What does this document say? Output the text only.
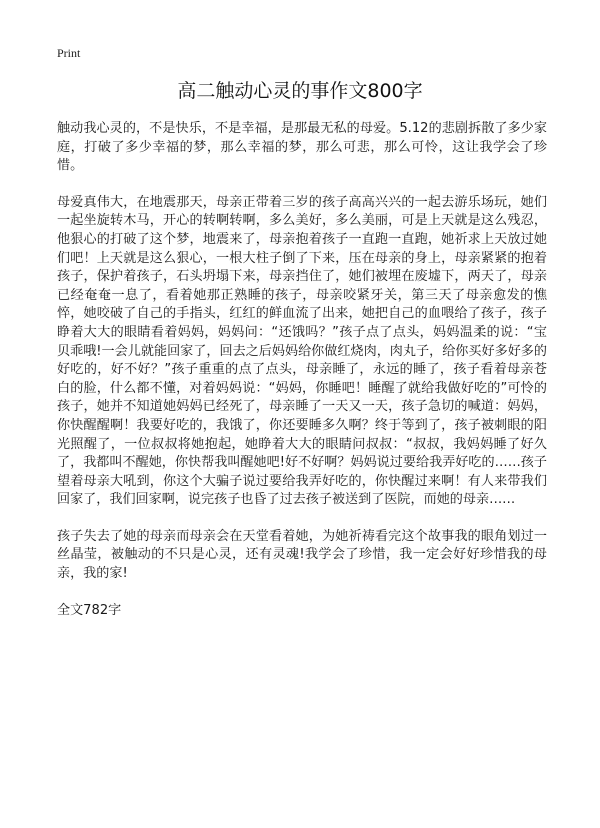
Print
高二触动心灵的事作文800字

触动我心灵的，不是快乐，不是幸福，是那最无私的母爱。5.12的悲剧拆散了多少家庭，打破了多少幸福的梦，那么幸福的梦，那么可悲，那么可怜，这让我学会了珍惜。

母爱真伟大，在地震那天，母亲正带着三岁的孩子高高兴兴的一起去游乐场玩，她们一起坐旋转木马，开心的转啊转啊，多么美好，多么美丽，可是上天就是这么残忍，他狠心的打破了这个梦，地震来了，母亲抱着孩子一直跑一直跑，她祈求上天放过她们吧！上天就是这么狠心，一根大柱子倒了下来，压在母亲的身上，母亲紧紧的抱着孩子，保护着孩子，石头坍塌下来，母亲挡住了，她们被埋在废墟下，两天了，母亲已经奄奄一息了，看着她那正熟睡的孩子，母亲咬紧牙关，第三天了母亲愈发的憔悴，她咬破了自己的手指头，红红的鲜血流了出来，她把自己的血喂给了孩子，孩子睁着大大的眼睛看着妈妈，妈妈问：“还饿吗？”孩子点了点头，妈妈温柔的说：“宝贝乖哦!一会儿就能回家了，回去之后妈妈给你做红烧肉，肉丸子，给你买好多好多的好吃的，好不好？”孩子重重的点了点头，母亲睡了，永远的睡了，孩子看着母亲苍白的脸，什么都不懂，对着妈妈说：“妈妈，你睡吧！睡醒了就给我做好吃的”可怜的孩子，她并不知道她妈妈已经死了，母亲睡了一天又一天，孩子急切的喊道：妈妈，你快醒醒啊！我要好吃的，我饿了，你还要睡多久啊？终于等到了，孩子被刺眼的阳光照醒了，一位叔叔将她抱起，她睁着大大的眼睛问叔叔：“叔叔，我妈妈睡了好久了，我都叫不醒她，你快帮我叫醒她吧!好不好啊？妈妈说过要给我弄好吃的……孩子望着母亲大吼到，你这个大骗子说过要给我弄好吃的，你快醒过来啊！有人来带我们回家了，我们回家啊，说完孩子也昏了过去孩子被送到了医院，而她的母亲……

孩子失去了她的母亲而母亲会在天堂看着她，为她祈祷看完这个故事我的眼角划过一丝晶莹，被触动的不只是心灵，还有灵魂!我学会了珍惜，我一定会好好珍惜我的母亲，我的家!

全文782字
